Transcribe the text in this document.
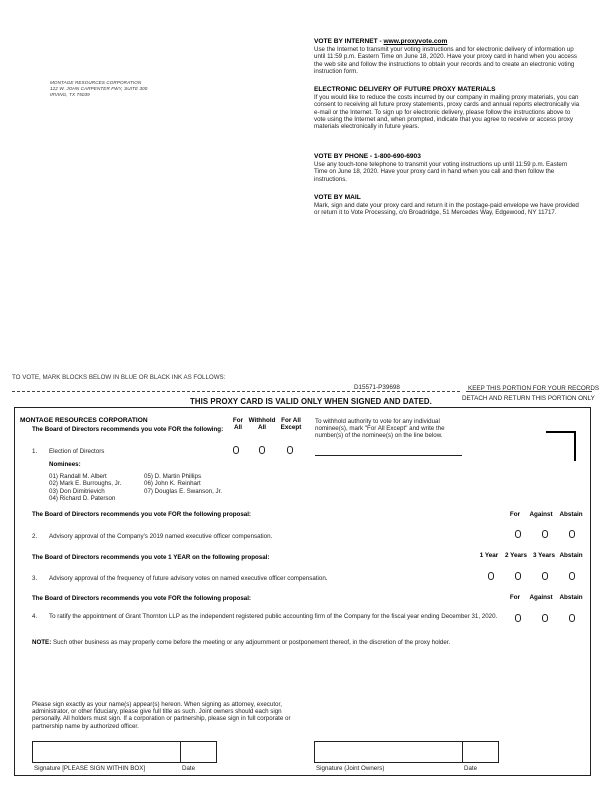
MONTAGE RESOURCES CORPORATION
122 W. JOHN CARPENTER FWY, SUITE 300
IRVING, TX 75039
VOTE BY INTERNET - www.proxyvote.com

Use the Internet to transmit your voting instructions and for electronic delivery of information up until 11:59 p.m. Eastern Time on June 18, 2020. Have your proxy card in hand when you access the web site and follow the instructions to obtain your records and to create an electronic voting instruction form.

ELECTRONIC DELIVERY OF FUTURE PROXY MATERIALS

If you would like to reduce the costs incurred by our company in mailing proxy materials, you can consent to receiving all future proxy statements, proxy cards and annual reports electronically via e-mail or the Internet. To sign up for electronic delivery, please follow the instructions above to vote using the Internet and, when prompted, indicate that you agree to receive or access proxy materials electronically in future years.

VOTE BY PHONE - 1-800-690-6903

Use any touch-tone telephone to transmit your voting instructions up until 11:59 p.m. Eastern Time on June 18, 2020. Have your proxy card in hand when you call and then follow the instructions.

VOTE BY MAIL

Mark, sign and date your proxy card and return it in the postage-paid envelope we have provided or return it to Vote Processing, c/o Broadridge, 51 Mercedes Way, Edgewood, NY 11717.

TO VOTE, MARK BLOCKS BELOW IN BLUE OR BLACK INK AS FOLLOWS:
D15571-P39698	KEEP THIS PORTION FOR YOUR RECORDS
DETACH AND RETURN THIS PORTION ONLY
THIS PROXY CARD IS VALID ONLY WHEN SIGNED AND DATED.
MONTAGE RESOURCES CORPORATION
The Board of Directors recommends you vote FOR the following:
For
All
Withhold
All
For All
Except
To withhold authority to vote for any individual nominee(s), mark "For All Except" and write the number(s) of the nominee(s) on the line below.
1. Election of Directors
Nominees:
01) Randall M. Albert
02) Mark E. Burroughs, Jr.
03) Don Dimitrievich
04) Richard D. Paterson
05) D. Martin Phillips
06) John K. Reinhart
07) Douglas E. Swanson, Jr.
The Board of Directors recommends you vote FOR the following proposal:	For	Against	Abstain
2. Advisory approval of the Company's 2019 named executive officer compensation.
The Board of Directors recommends you vote 1 YEAR on the following proposal:	1 Year	2 Years 3 Years Abstain
3. Advisory approval of the frequency of future advisory votes on named executive officer compensation.
The Board of Directors recommends you vote FOR the following proposal:	For	Against	Abstain
4. To ratify the appointment of Grant Thornton LLP as the independent registered public accounting firm of the Company for the fiscal year ending December 31, 2020.
NOTE: Such other business as may properly come before the meeting or any adjournment or postponement thereof, in the discretion of the proxy holder.
Please sign exactly as your name(s) appear(s) hereon. When signing as attorney, executor, administrator, or other fiduciary, please give full title as such. Joint owners should each sign personally. All holders must sign. If a corporation or partnership, please sign in full corporate or partnership name by authorized officer.
Signature [PLEASE SIGN WITHIN BOX]	Date	Signature (Joint Owners)	Date
